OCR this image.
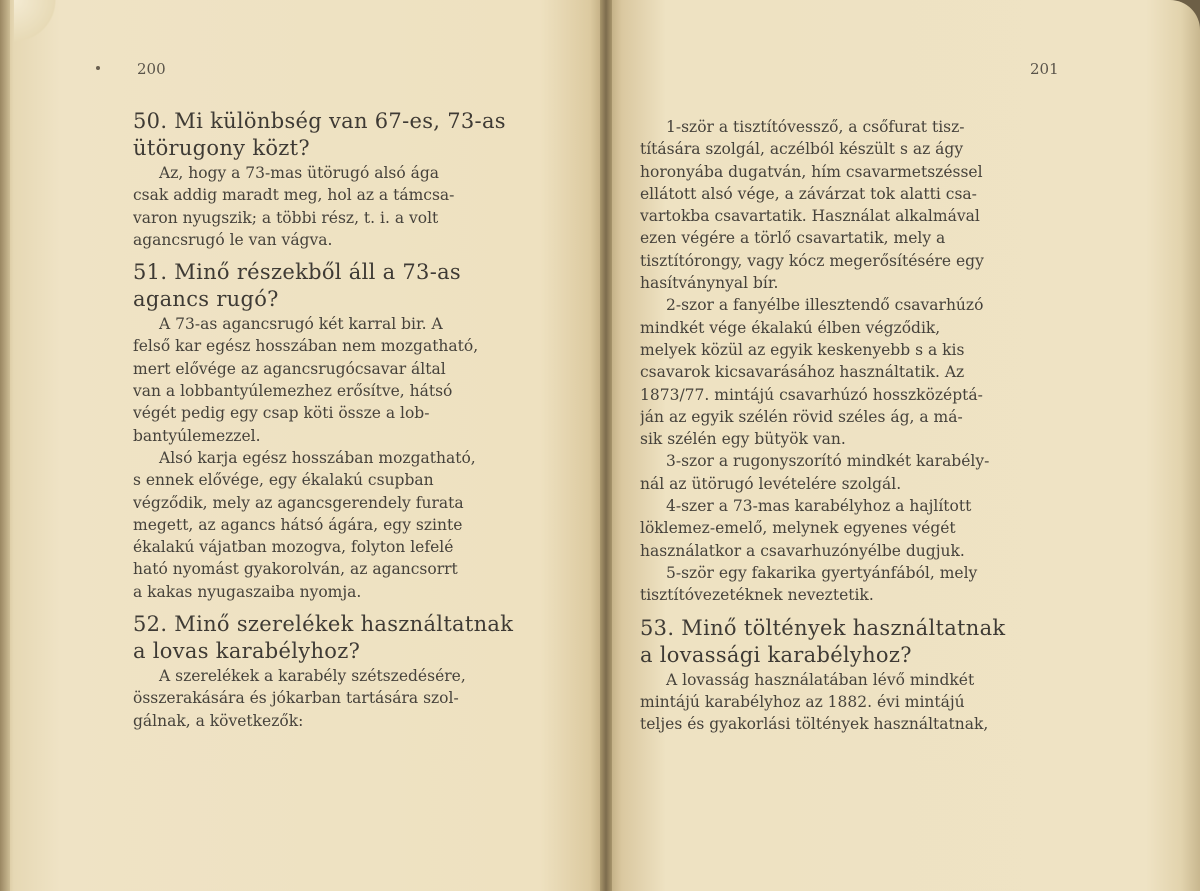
200
50. Mi különbség van 67-es, 73-as
ütörugony közt?
Az, hogy a 73-mas ütörugó alsó ága
csak addig maradt meg, hol az a támcsa-
varon nyugszik; a többi rész, t. i. a volt
agancsrugó le van vágva.
51. Minő részekből áll a 73-as
agancs rugó?
A 73-as agancsrugó két karral bir. A
felső kar egész hosszában nem mozgatható,
mert elővége az agancsrugócsavar által
van a lobbantyúlemezhez erősítve, hátsó
végét pedig egy csap köti össze a lob-
bantyúlemezzel.
Alsó karja egész hosszában mozgatható,
s ennek elővége, egy ékalakú csupban
végződik, mely az agancsgerendely furata
megett, az agancs hátsó ágára, egy szinte
ékalakú vájatban mozogva, folyton lefelé
ható nyomást gyakorolván, az agancsorrt
a kakas nyugaszaiba nyomja.
52. Minő szerelékek használtatnak
a lovas karabélyhoz?
A szerelékek a karabély szétszedésére,
összerakására és jókarban tartására szol-
gálnak, a következők:
201
1-ször a tisztítóvessző, a csőfurat tisz-
títására szolgál, aczélból készült s az ágy
horonyába dugatván, hím csavarmetszéssel
ellátott alsó vége, a závárzat tok alatti csa-
vartokba csavartatik. Használat alkalmával
ezen végére a törlő csavartatik, mely a
tisztítórongy, vagy kócz megerősítésére egy
hasítványnyal bír.
2-szor a fanyélbe illesztendő csavarhúzó
mindkét vége ékalakú élben végződik,
melyek közül az egyik keskenyebb s a kis
csavarok kicsavarásához használtatik. Az
1873/77. mintájú csavarhúzó hosszközéptá-
ján az egyik szélén rövid széles ág, a má-
sik szélén egy bütyök van.
3-szor a rugonyszorító mindkét karabély-
nál az ütörugó levételére szolgál.
4-szer a 73-mas karabélyhoz a hajlított
löklemez-emelő, melynek egyenes végét
használatkor a csavarhuzónyélbe dugjuk.
5-ször egy fakarika gyertyánfából, mely
tisztítóvezetéknek neveztetik.
53. Minő töltények használtatnak
a lovassági karabélyhoz?
A lovasság használatában lévő mindkét
mintájú karabélyhoz az 1882. évi mintájú
teljes és gyakorlási töltények használtatnak,
